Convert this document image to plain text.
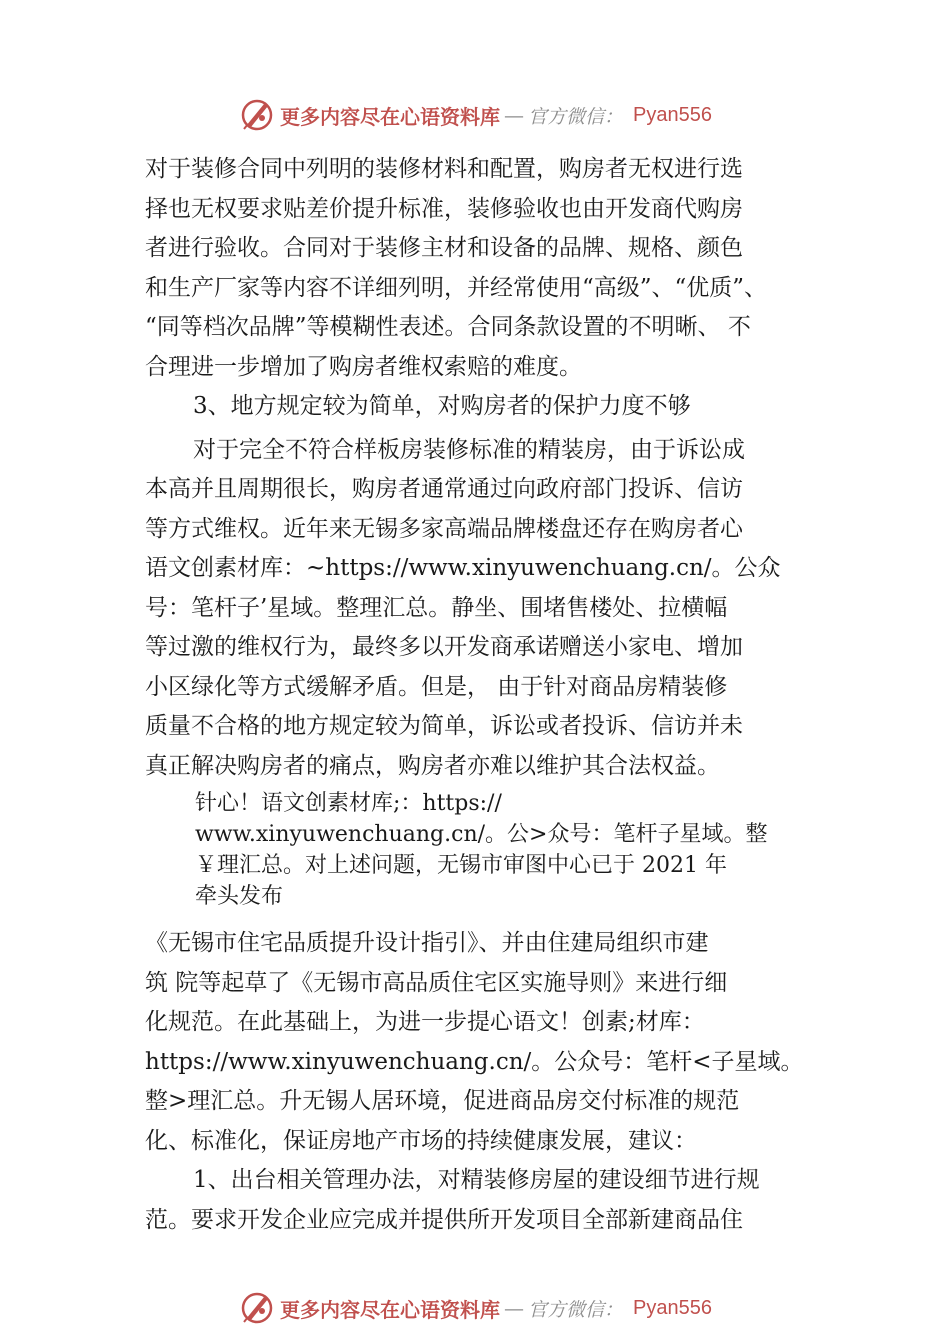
更多内容尽在心语资料库 — 官方微信： Pyan556
对于装修合同中列明的装修材料和配置，购房者无权进行选
择也无权要求贴差价提升标准，装修验收也由开发商代购房
者进行验收。合同对于装修主材和设备的品牌、规格、颜色
和生产厂家等内容不详细列明，并经常使用“高级”、“优质”、
“同等档次品牌”等模糊性表述。合同条款设置的不明晰、 不
合理进一步增加了购房者维权索赔的难度。
3、地方规定较为简单，对购房者的保护力度不够
对于完全不符合样板房装修标准的精装房，由于诉讼成
本高并且周期很长，购房者通常通过向政府部门投诉、信访
等方式维权。近年来无锡多家高端品牌楼盘还存在购房者心
语文创素材库：~https://www.xinyuwenchuang.cn/。公众
号：笔杆子’星域。整理汇总。静坐、围堵售楼处、拉横幅
等过激的维权行为，最终多以开发商承诺赠送小家电、增加
小区绿化等方式缓解矛盾。但是， 由于针对商品房精装修
质量不合格的地方规定较为简单，诉讼或者投诉、信访并未
真正解决购房者的痛点，购房者亦难以维护其合法权益。
针心！语文创素材库;：https://
www.xinyuwenchuang.cn/。公>众号：笔杆子星域。整
￥理汇总。对上述问题，无锡市审图中心已于 2021 年
牵头发布
《无锡市住宅品质提升设计指引》、并由住建局组织市建
筑 院等起草了《无锡市高品质住宅区实施导则》来进行细
化规范。在此基础上，为进一步提心语文！创素;材库：
https://www.xinyuwenchuang.cn/。公众号：笔杆<子星域。
整>理汇总。升无锡人居环境，促进商品房交付标准的规范
化、标准化，保证房地产市场的持续健康发展，建议：
1、出台相关管理办法，对精装修房屋的建设细节进行规
范。要求开发企业应完成并提供所开发项目全部新建商品住
更多内容尽在心语资料库 — 官方微信： Pyan556
